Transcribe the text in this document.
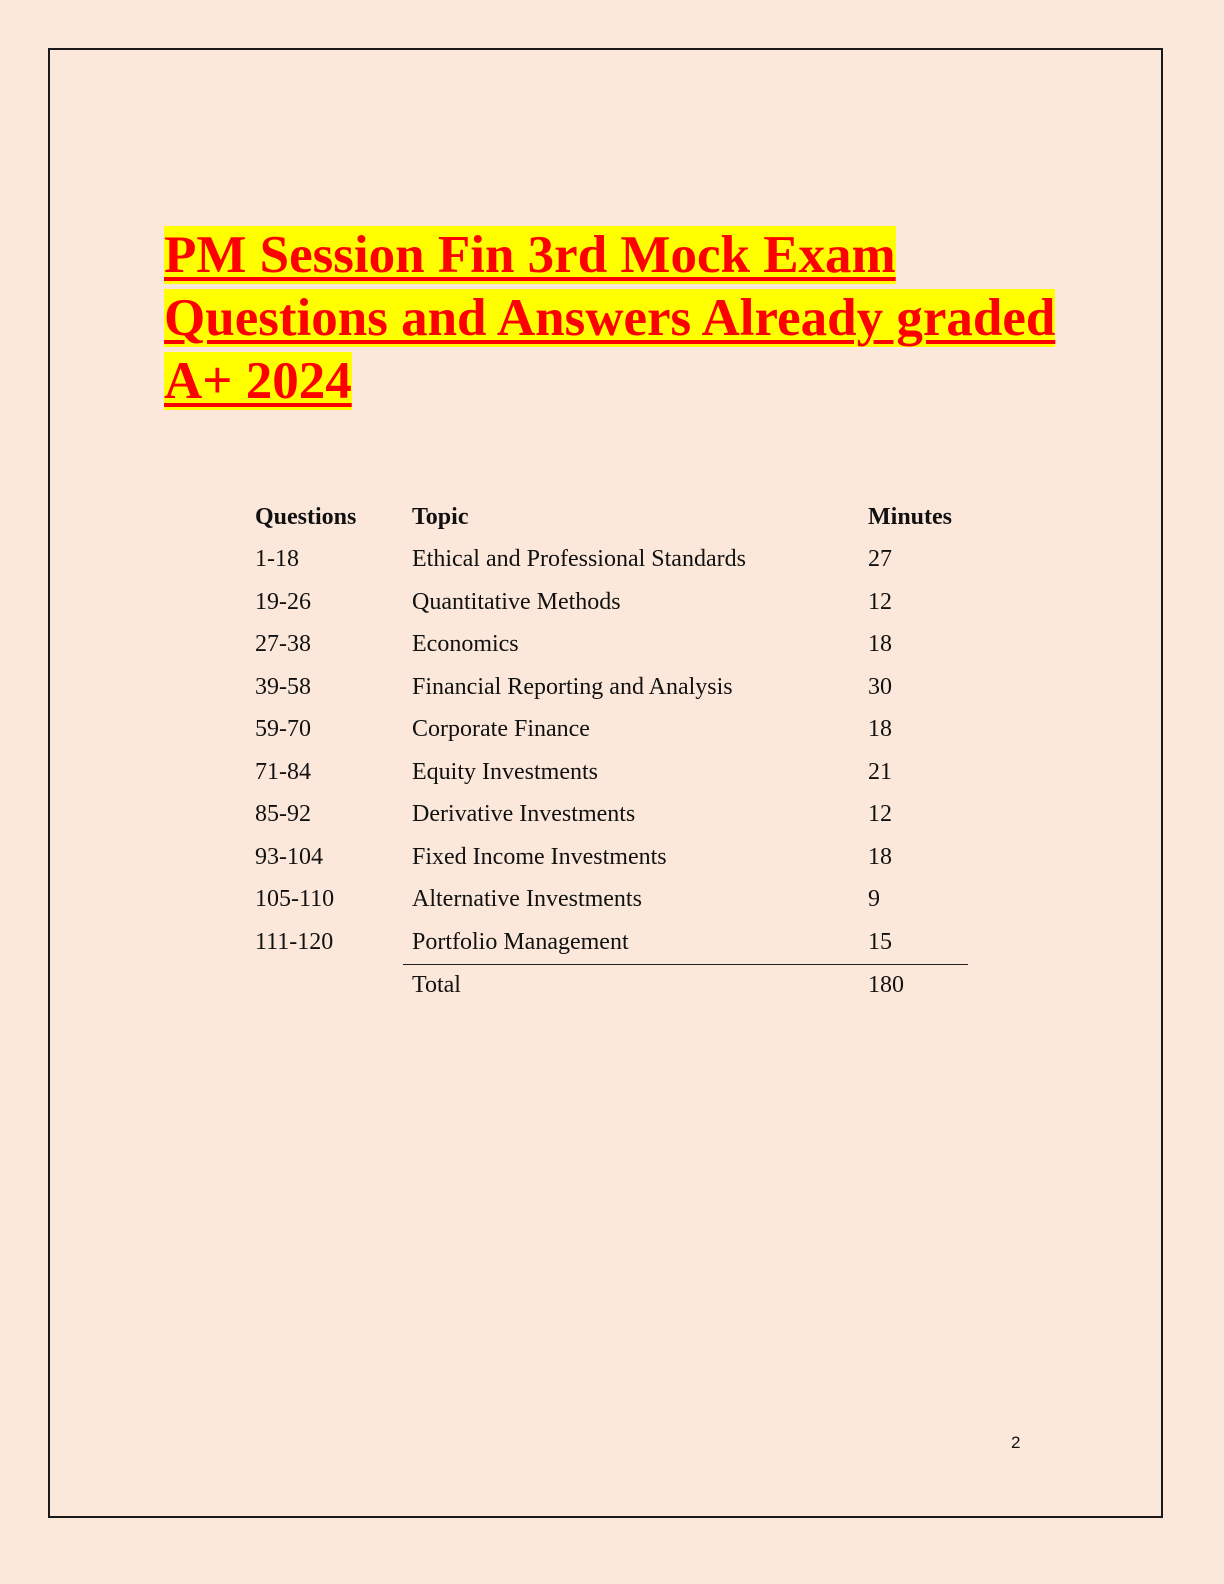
PM Session Fin 3rd Mock Exam
Questions and Answers Already graded
A+ 2024
Questions	Topic	Minutes
1-18	Ethical and Professional Standards	27
19-26	Quantitative Methods	12
27-38	Economics	18
39-58	Financial Reporting and Analysis	30
59-70	Corporate Finance	18
71-84	Equity Investments	21
85-92	Derivative Investments	12
93-104	Fixed Income Investments	18
105-110	Alternative Investments	9
111-120	Portfolio Management	15
	Total	180
2
